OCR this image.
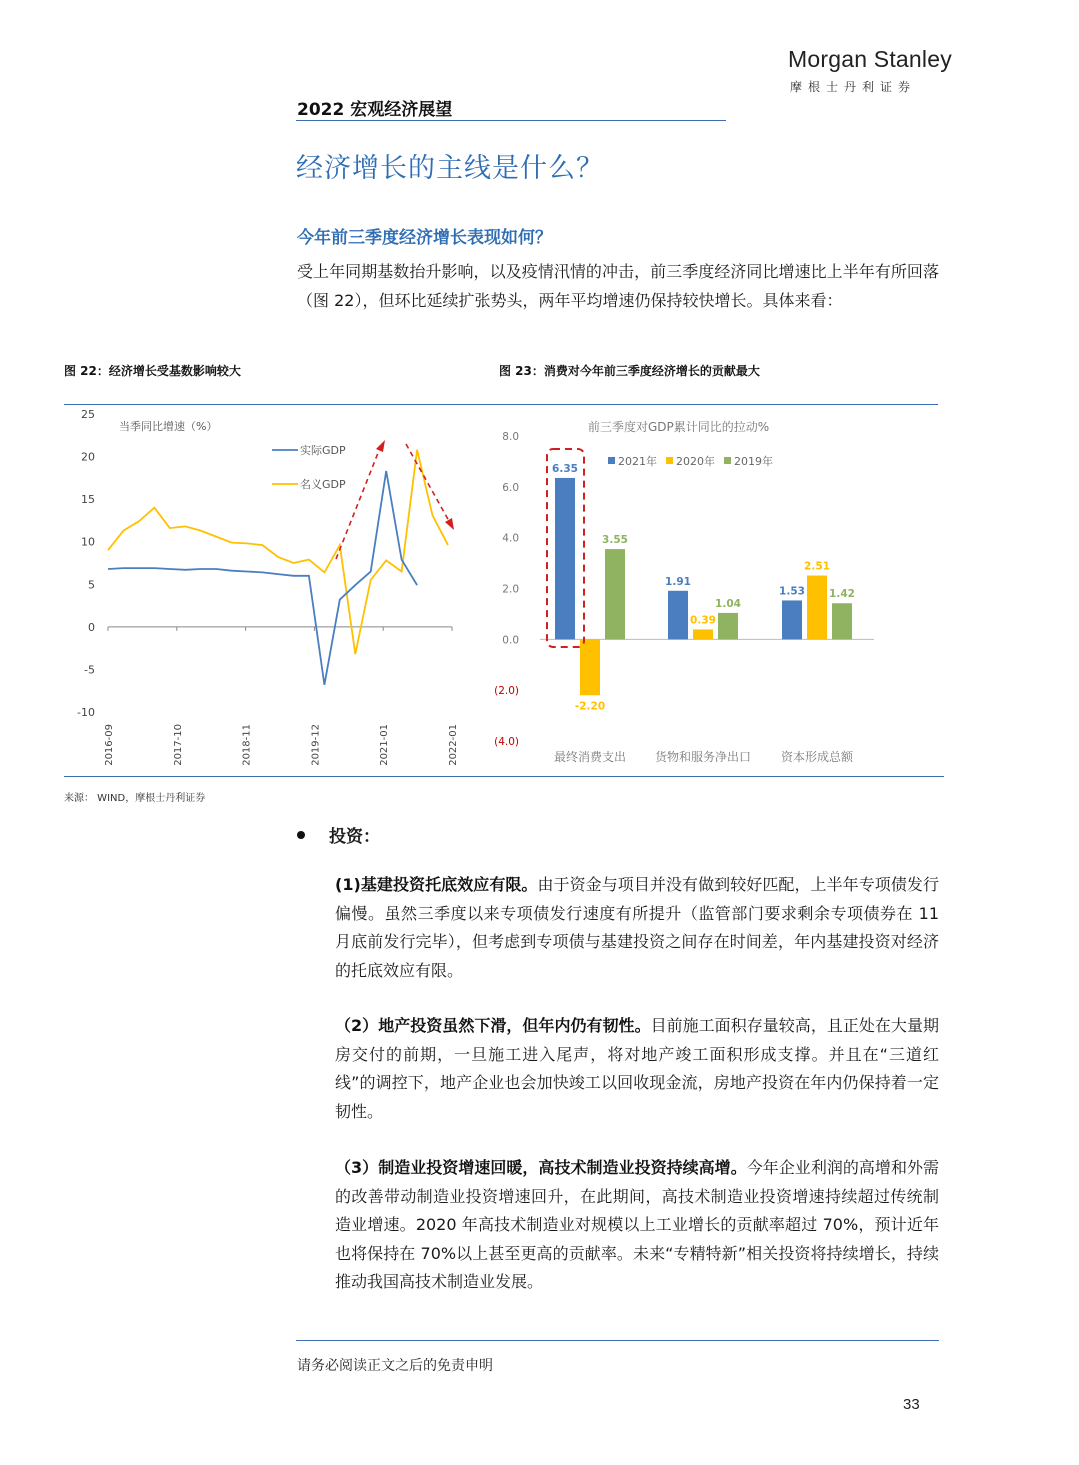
Morgan Stanley
摩根士丹利证券
2022 宏观经济展望
经济增长的主线是什么？
今年前三季度经济增长表现如何？
受上年同期基数抬升影响，以及疫情汛情的冲击，前三季度经济同比增速比上半年有所回落（图 22），但环比延续扩张势头，两年平均增速仍保持较快增长。具体来看：
图 22：经济增长受基数影响较大	图 23：消费对今年前三季度经济增长的贡献最大
当季同比增速（%）
25
20
15
10
5
0
-5
-10
2016-09	2017-10	2018-11	2019-12	2021-01	2022-01
实际GDP
名义GDP
前三季度对GDP累计同比的拉动%
8.0
6.0
4.0
2.0
0.0
(2.0)
(4.0)
2021年 2020年 2019年
6.35
-2.20
3.55
1.91
0.39
1.04
1.53
2.51
1.42
最终消费支出 货物和服务净出口 资本形成总额
来源： WIND，摩根士丹利证券
投资：
(1)基建投资托底效应有限。由于资金与项目并没有做到较好匹配，上半年专项债发行偏慢。虽然三季度以来专项债发行速度有所提升（监管部门要求剩余专项债券在 11 月底前发行完毕），但考虑到专项债与基建投资之间存在时间差，年内基建投资对经济的托底效应有限。
（2）地产投资虽然下滑，但年内仍有韧性。目前施工面积存量较高，且正处在大量期房交付的前期，一旦施工进入尾声，将对地产竣工面积形成支撑。并且在“三道红线”的调控下，地产企业也会加快竣工以回收现金流，房地产投资在年内仍保持着一定韧性。
（3）制造业投资增速回暖，高技术制造业投资持续高增。今年企业利润的高增和外需的改善带动制造业投资增速回升，在此期间，高技术制造业投资增速持续超过传统制造业增速。2020 年高技术制造业对规模以上工业增长的贡献率超过 70%，预计近年也将保持在 70%以上甚至更高的贡献率。未来“专精特新”相关投资将持续增长，持续推动我国高技术制造业发展。
请务必阅读正文之后的免责申明
33
